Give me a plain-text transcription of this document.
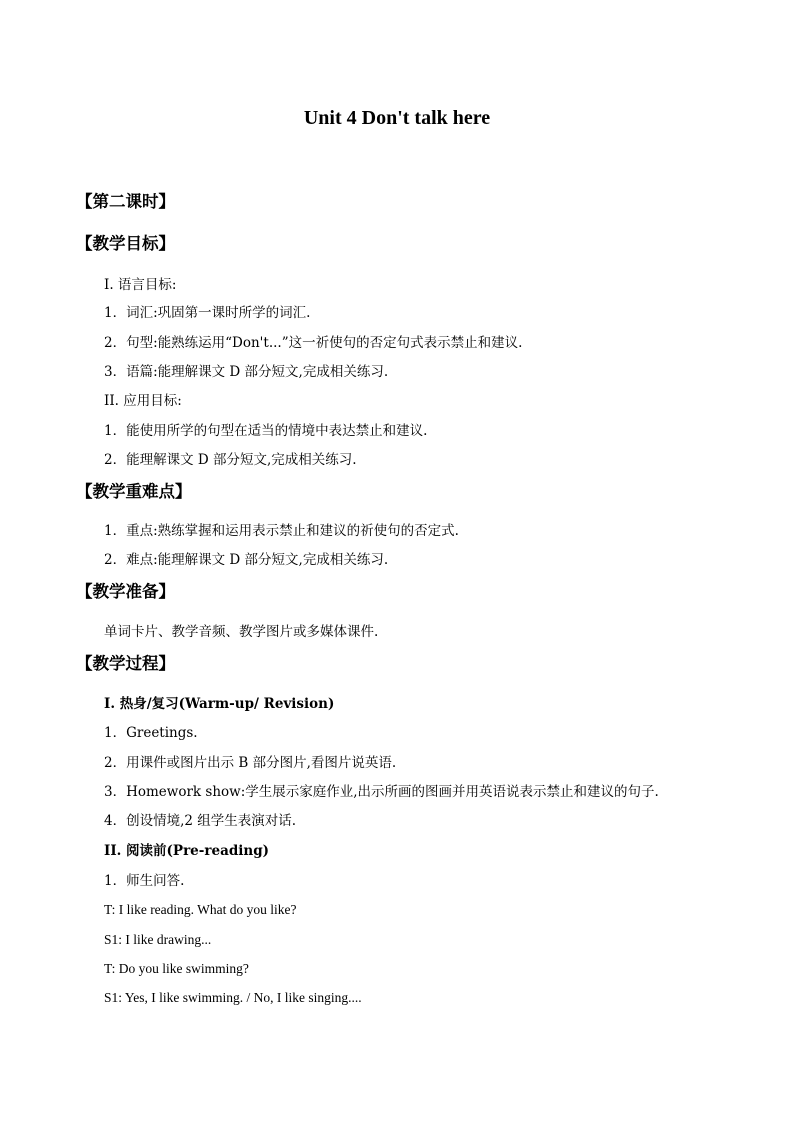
Unit 4 Don't talk here
【第二课时】
【教学目标】
I. 语言目标:
1．词汇:巩固第一课时所学的词汇.
2．句型:能熟练运用“Don't...”这一祈使句的否定句式表示禁止和建议.
3．语篇:能理解课文 D 部分短文,完成相关练习.
II. 应用目标:
1．能使用所学的句型在适当的情境中表达禁止和建议.
2．能理解课文 D 部分短文,完成相关练习.
【教学重难点】
1．重点:熟练掌握和运用表示禁止和建议的祈使句的否定式.
2．难点:能理解课文 D 部分短文,完成相关练习.
【教学准备】
单词卡片、教学音频、教学图片或多媒体课件.
【教学过程】
I. 热身/复习(Warm-up/ Revision)
1．Greetings.
2．用课件或图片出示 B 部分图片,看图片说英语.
3．Homework show:学生展示家庭作业,出示所画的图画并用英语说表示禁止和建议的句子.
4．创设情境,2 组学生表演对话.
II. 阅读前(Pre-reading)
1．师生问答.
T: I like reading. What do you like?
S1: I like drawing...
T: Do you like swimming?
S1: Yes, I like swimming. / No, I like singing....
